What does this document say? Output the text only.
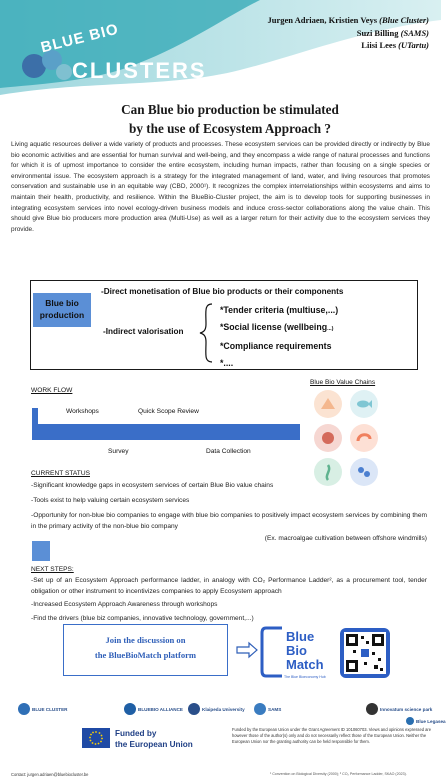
BLUE BIO
CLUSTERS
Jurgen Adriaen, Kristien Veys (Blue Cluster)
Suzi Billing (SAMS)
Liisi Lees (UTartu)
Can Blue bio production be stimulated
by the use of Ecosystem Approach ?
Living aquatic resources deliver a wide variety of products and processes. These ecosystem services can be provided directly or indirectly by Blue bio economic activities and are essential for human survival and well-being, and they encompass a wide range of natural processes and functions for which it is of upmost importance to consider the entire ecosystem, including human impacts, rather than focusing on a single species or environmental issue. The ecosystem approach is a strategy for the integrated management of land, water, and living resources that promotes conservation and sustainable use in an equitable way (CBD, 2000¹). It recognizes the complex interrelationships within ecosystems and aims to maintain their health, productivity, and resilience. Within the BlueBio-Cluster project, the aim is to develop tools for supporting businesses in integrating ecosystem services into novel ecology-driven business models and induce cross-sector collaborations along the value chain. This should give Blue bio producers more production area (Multi-Use) as well as a larger return for their activity due to the ecosystem services they provide.
Blue bio
production
-Direct monetisation of Blue bio products or their components
-Indirect valorisation
*Tender criteria (multiuse,...)
*Social license (wellbeing...)
*Compliance requirements
*....
WORK FLOW
Blue Bio Value Chains
Workshops	Quick Scope Review
Survey	Data Collection
CURRENT STATUS
-Significant knowledge gaps in ecosystem services of certain Blue Bio value chains
-Tools exist to help valuing certain ecosystem services
-Opportunity for non-blue bio companies to engage with blue bio companies to positively impact ecosystem services by combining them in the primary activity of the non-blue bio company
(Ex. macroalgae cultivation between offshore windmills)
NEXT STEPS:
-Set up of an Ecosystem Approach performance ladder, in analogy with CO₂ Performance Ladder², as a procurement tool, tender obligation or other instrument to incentivizes companies to apply Ecosystem approach
-Increased Ecosystem Approach Awareness through workshops
-Find the drivers (blue biz companies, innovative technology, government,...)
Join the discussion on
the BlueBioMatch platform
Blue
Bio
Match
The Blue Bioeconomy Hub
BLUE CLUSTER	BLUEBIO ALLIANCE	Klaipeda University	SAMS	Innovatum science park
Blue Legasea
Funded by
the European Union
Funded by the European Union under the Grant Agreement ID 101060703. Views and opinions expressed are however those of the author(s) only and do not necessarily reflect those of the European Union. Neither the European Union nor the granting authority can be held responsible for them.
Contact: jurgen.adriaen@bluebiocluster.be	¹ Convention on Biological Diversity (2000); ² CO₂ Performance Ladder, SKAO (2023).
